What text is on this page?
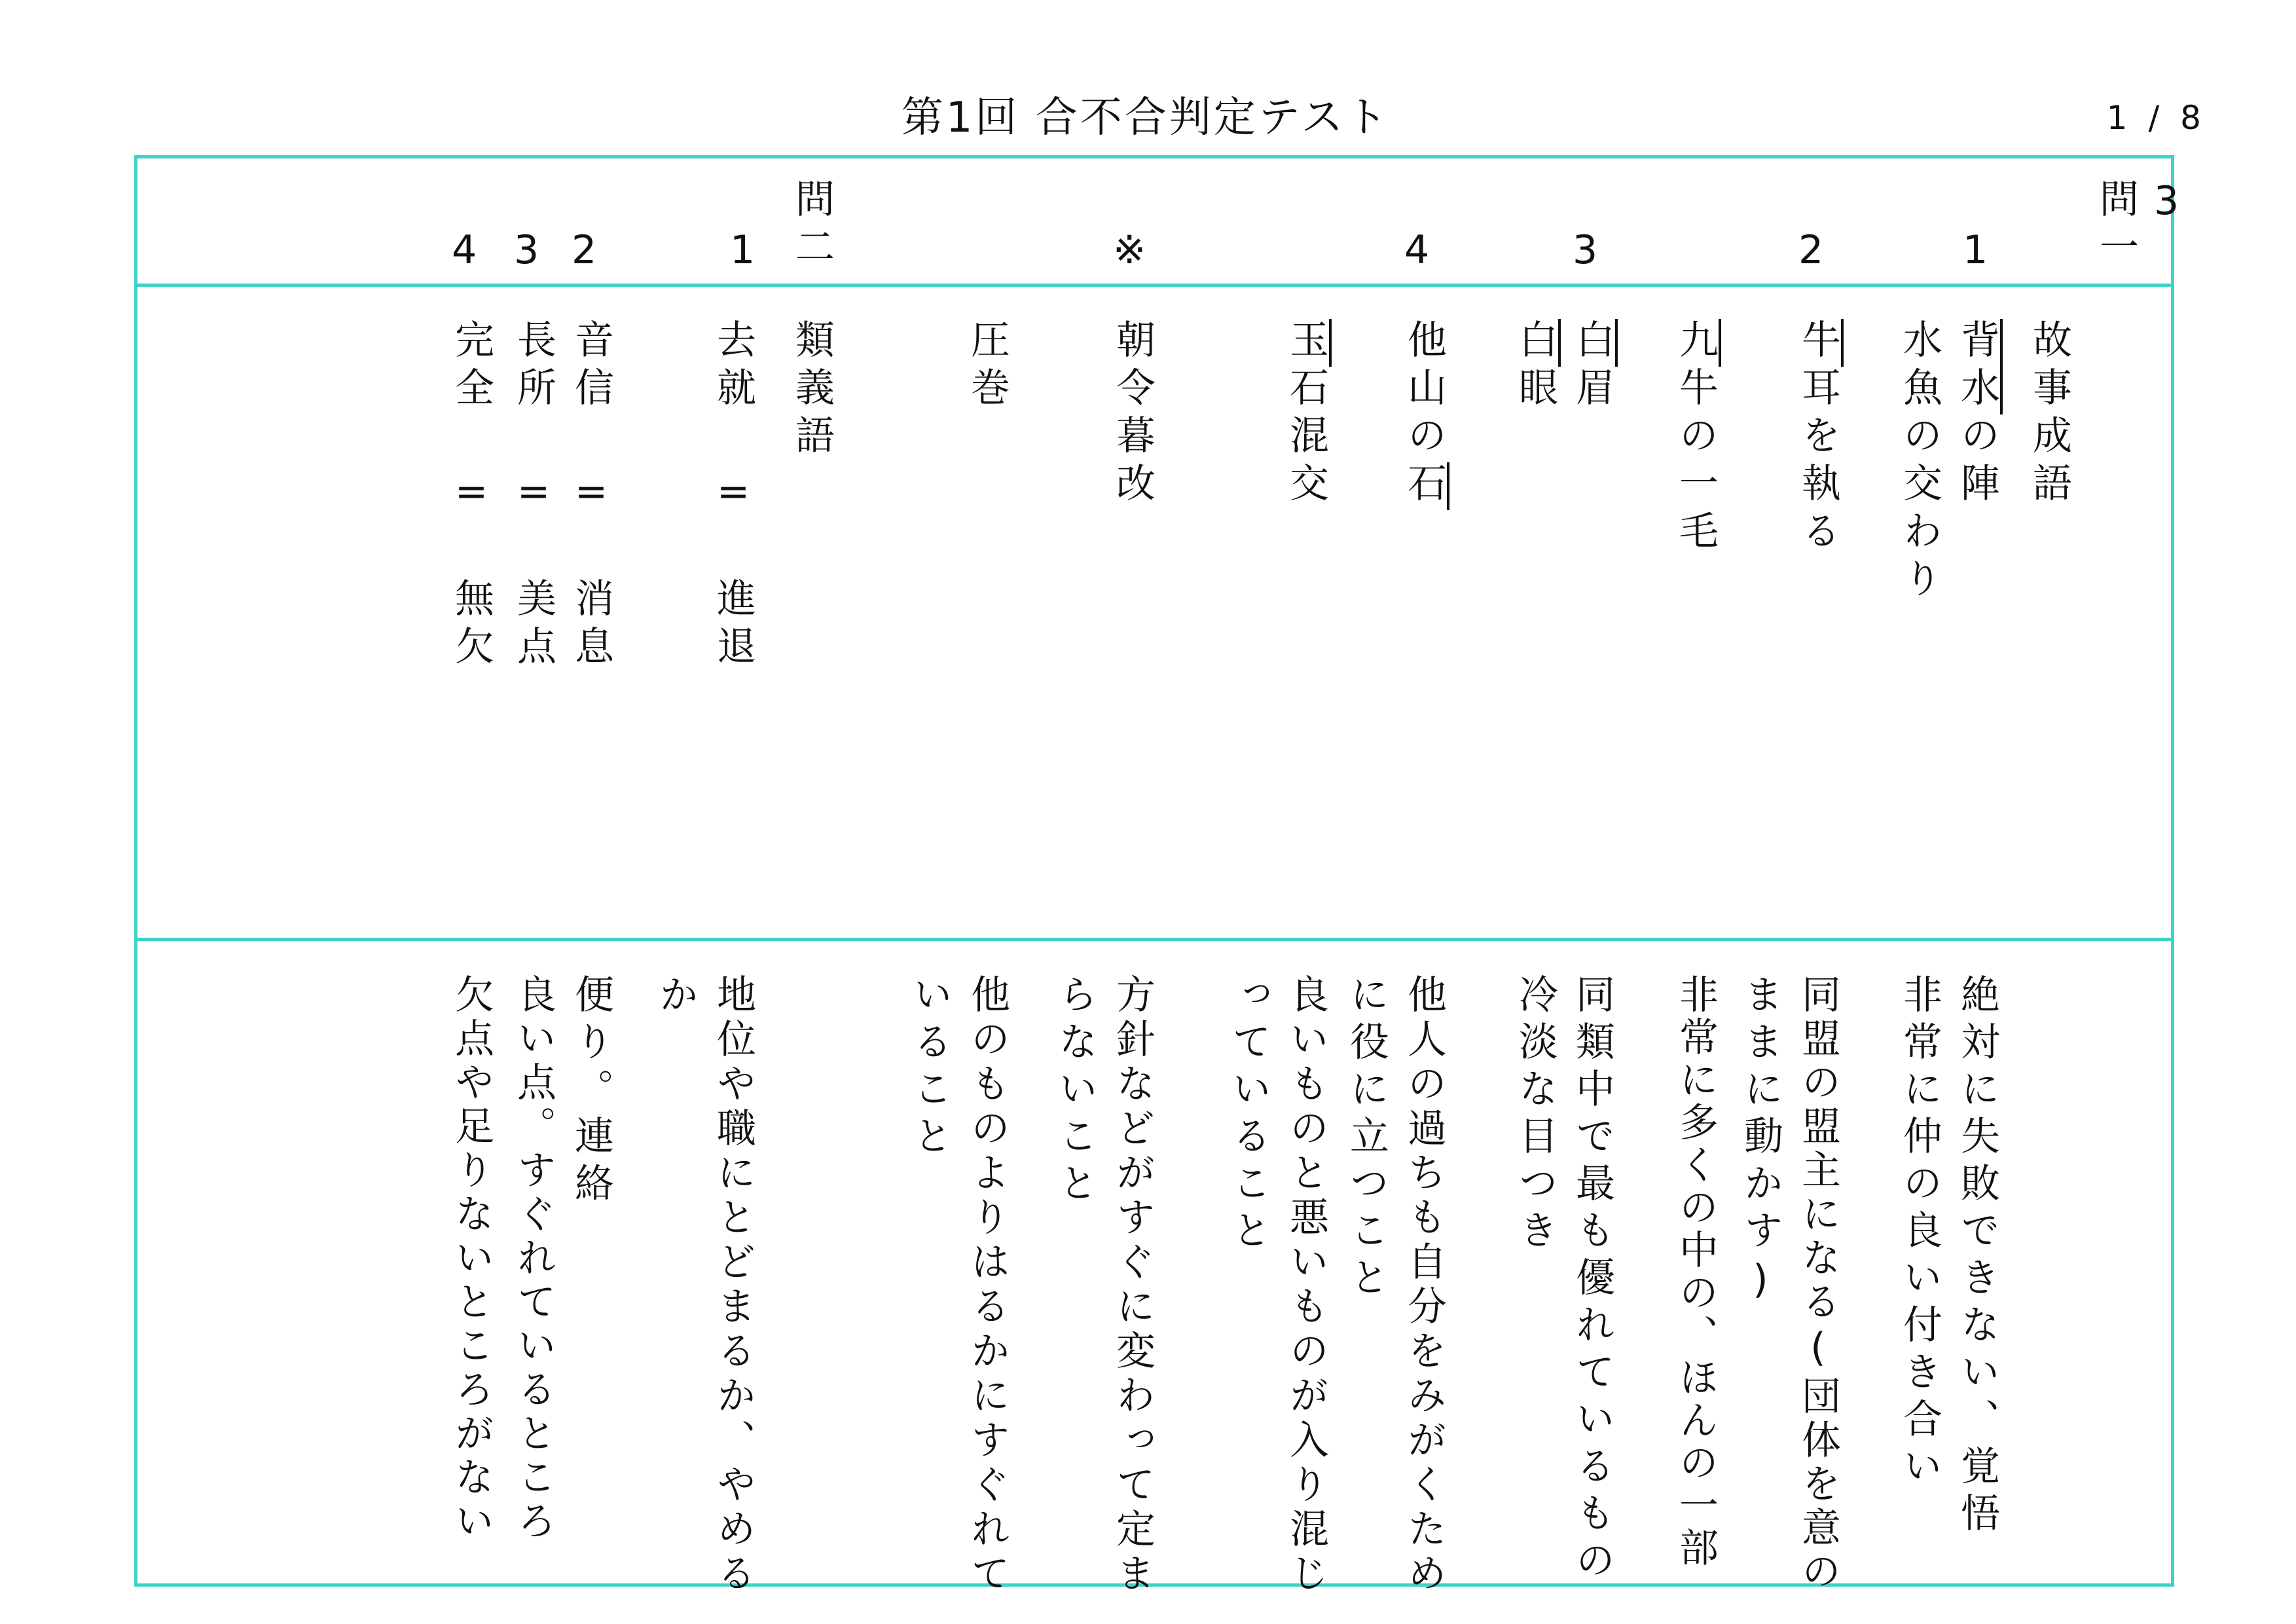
第1回 合不合判定テスト	1 / 8
問一 3
1
2
3
4
※
問二
1
2
3
4
故事成語
背水の陣
水魚の交わり
牛耳を執る
九牛の一毛
白眉
白眼
他山の石
玉石混交
朝令暮改
圧巻
類義語
去就 = 進退
音信 = 消息
長所 = 美点
完全 = 無欠
絶対に失敗できない、覚悟
非常に仲の良い付き合い
同盟の盟主になる(団体を意の
ままに動かす)
非常に多くの中の、ほんの一部
同類中で最も優れているもの
冷淡な目つき
他人の過ちも自分をみがくため
に役に立つこと
良いものと悪いものが入り混じ
っていること
方針などがすぐに変わって定ま
らないこと
他のものよりはるかにすぐれて
いること
地位や職にとどまるか、やめる
か
便り。連絡
良い点。すぐれているところ
欠点や足りないところがない
